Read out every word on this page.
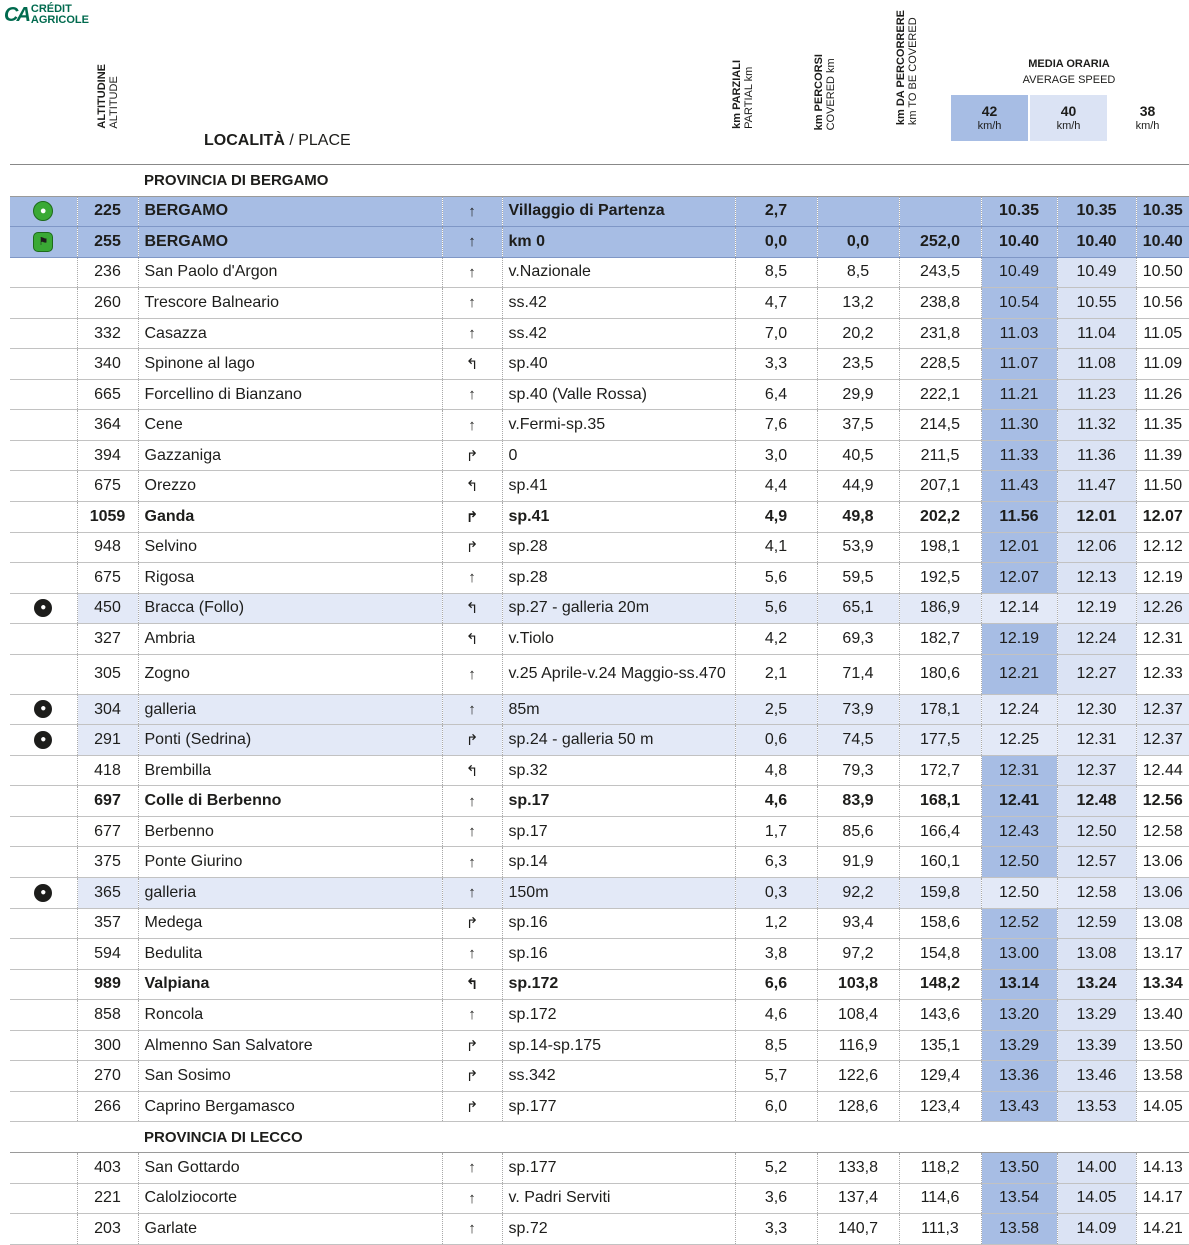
CA CRÉDIT
AGRICOLE
ALTITUDINE
ALTITUDE
LOCALITÀ / PLACE
km PARZIALI
PARTIAL km	km PERCORSI
COVERED km	km DA PERCORRERE
km TO BE COVERED	MEDIA ORARIA
AVERAGE SPEED
42
km/h
40
km/h
38
km/h
		PROVINCIA DI BERGAMO								
●	225	BERGAMO	↑	Villaggio di Partenza	2,7			10.35	10.35	10.35
⚑	255	BERGAMO	↑	km 0	0,0	0,0	252,0	10.40	10.40	10.40
	236	San Paolo d'Argon	↑	v.Nazionale	8,5	8,5	243,5	10.49	10.49	10.50
	260	Trescore Balneario	↑	ss.42	4,7	13,2	238,8	10.54	10.55	10.56
	332	Casazza	↑	ss.42	7,0	20,2	231,8	11.03	11.04	11.05
	340	Spinone al lago	↰	sp.40	3,3	23,5	228,5	11.07	11.08	11.09
	665	Forcellino di Bianzano	↑	sp.40 (Valle Rossa)	6,4	29,9	222,1	11.21	11.23	11.26
	364	Cene	↑	v.Fermi-sp.35	7,6	37,5	214,5	11.30	11.32	11.35
	394	Gazzaniga	↱	0	3,0	40,5	211,5	11.33	11.36	11.39
	675	Orezzo	↰	sp.41	4,4	44,9	207,1	11.43	11.47	11.50
	1059	Ganda	↱	sp.41	4,9	49,8	202,2	11.56	12.01	12.07
	948	Selvino	↱	sp.28	4,1	53,9	198,1	12.01	12.06	12.12
	675	Rigosa	↑	sp.28	5,6	59,5	192,5	12.07	12.13	12.19
●	450	Bracca (Follo)	↰	sp.27 - galleria 20m	5,6	65,1	186,9	12.14	12.19	12.26
	327	Ambria	↰	v.Tiolo	4,2	69,3	182,7	12.19	12.24	12.31
	305	Zogno	↑	v.25 Aprile-v.24 Maggio-ss.470	2,1	71,4	180,6	12.21	12.27	12.33
●	304	galleria	↑	85m	2,5	73,9	178,1	12.24	12.30	12.37
●	291	Ponti (Sedrina)	↱	sp.24 - galleria 50 m	0,6	74,5	177,5	12.25	12.31	12.37
	418	Brembilla	↰	sp.32	4,8	79,3	172,7	12.31	12.37	12.44
	697	Colle di Berbenno	↑	sp.17	4,6	83,9	168,1	12.41	12.48	12.56
	677	Berbenno	↑	sp.17	1,7	85,6	166,4	12.43	12.50	12.58
	375	Ponte Giurino	↑	sp.14	6,3	91,9	160,1	12.50	12.57	13.06
●	365	galleria	↑	150m	0,3	92,2	159,8	12.50	12.58	13.06
	357	Medega	↱	sp.16	1,2	93,4	158,6	12.52	12.59	13.08
	594	Bedulita	↑	sp.16	3,8	97,2	154,8	13.00	13.08	13.17
	989	Valpiana	↰	sp.172	6,6	103,8	148,2	13.14	13.24	13.34
	858	Roncola	↑	sp.172	4,6	108,4	143,6	13.20	13.29	13.40
	300	Almenno San Salvatore	↱	sp.14-sp.175	8,5	116,9	135,1	13.29	13.39	13.50
	270	San Sosimo	↱	ss.342	5,7	122,6	129,4	13.36	13.46	13.58
	266	Caprino Bergamasco	↱	sp.177	6,0	128,6	123,4	13.43	13.53	14.05
		PROVINCIA DI LECCO								
	403	San Gottardo	↑	sp.177	5,2	133,8	118,2	13.50	14.00	14.13
	221	Calolziocorte	↑	v. Padri Serviti	3,6	137,4	114,6	13.54	14.05	14.17
	203	Garlate	↑	sp.72	3,3	140,7	111,3	13.58	14.09	14.21
